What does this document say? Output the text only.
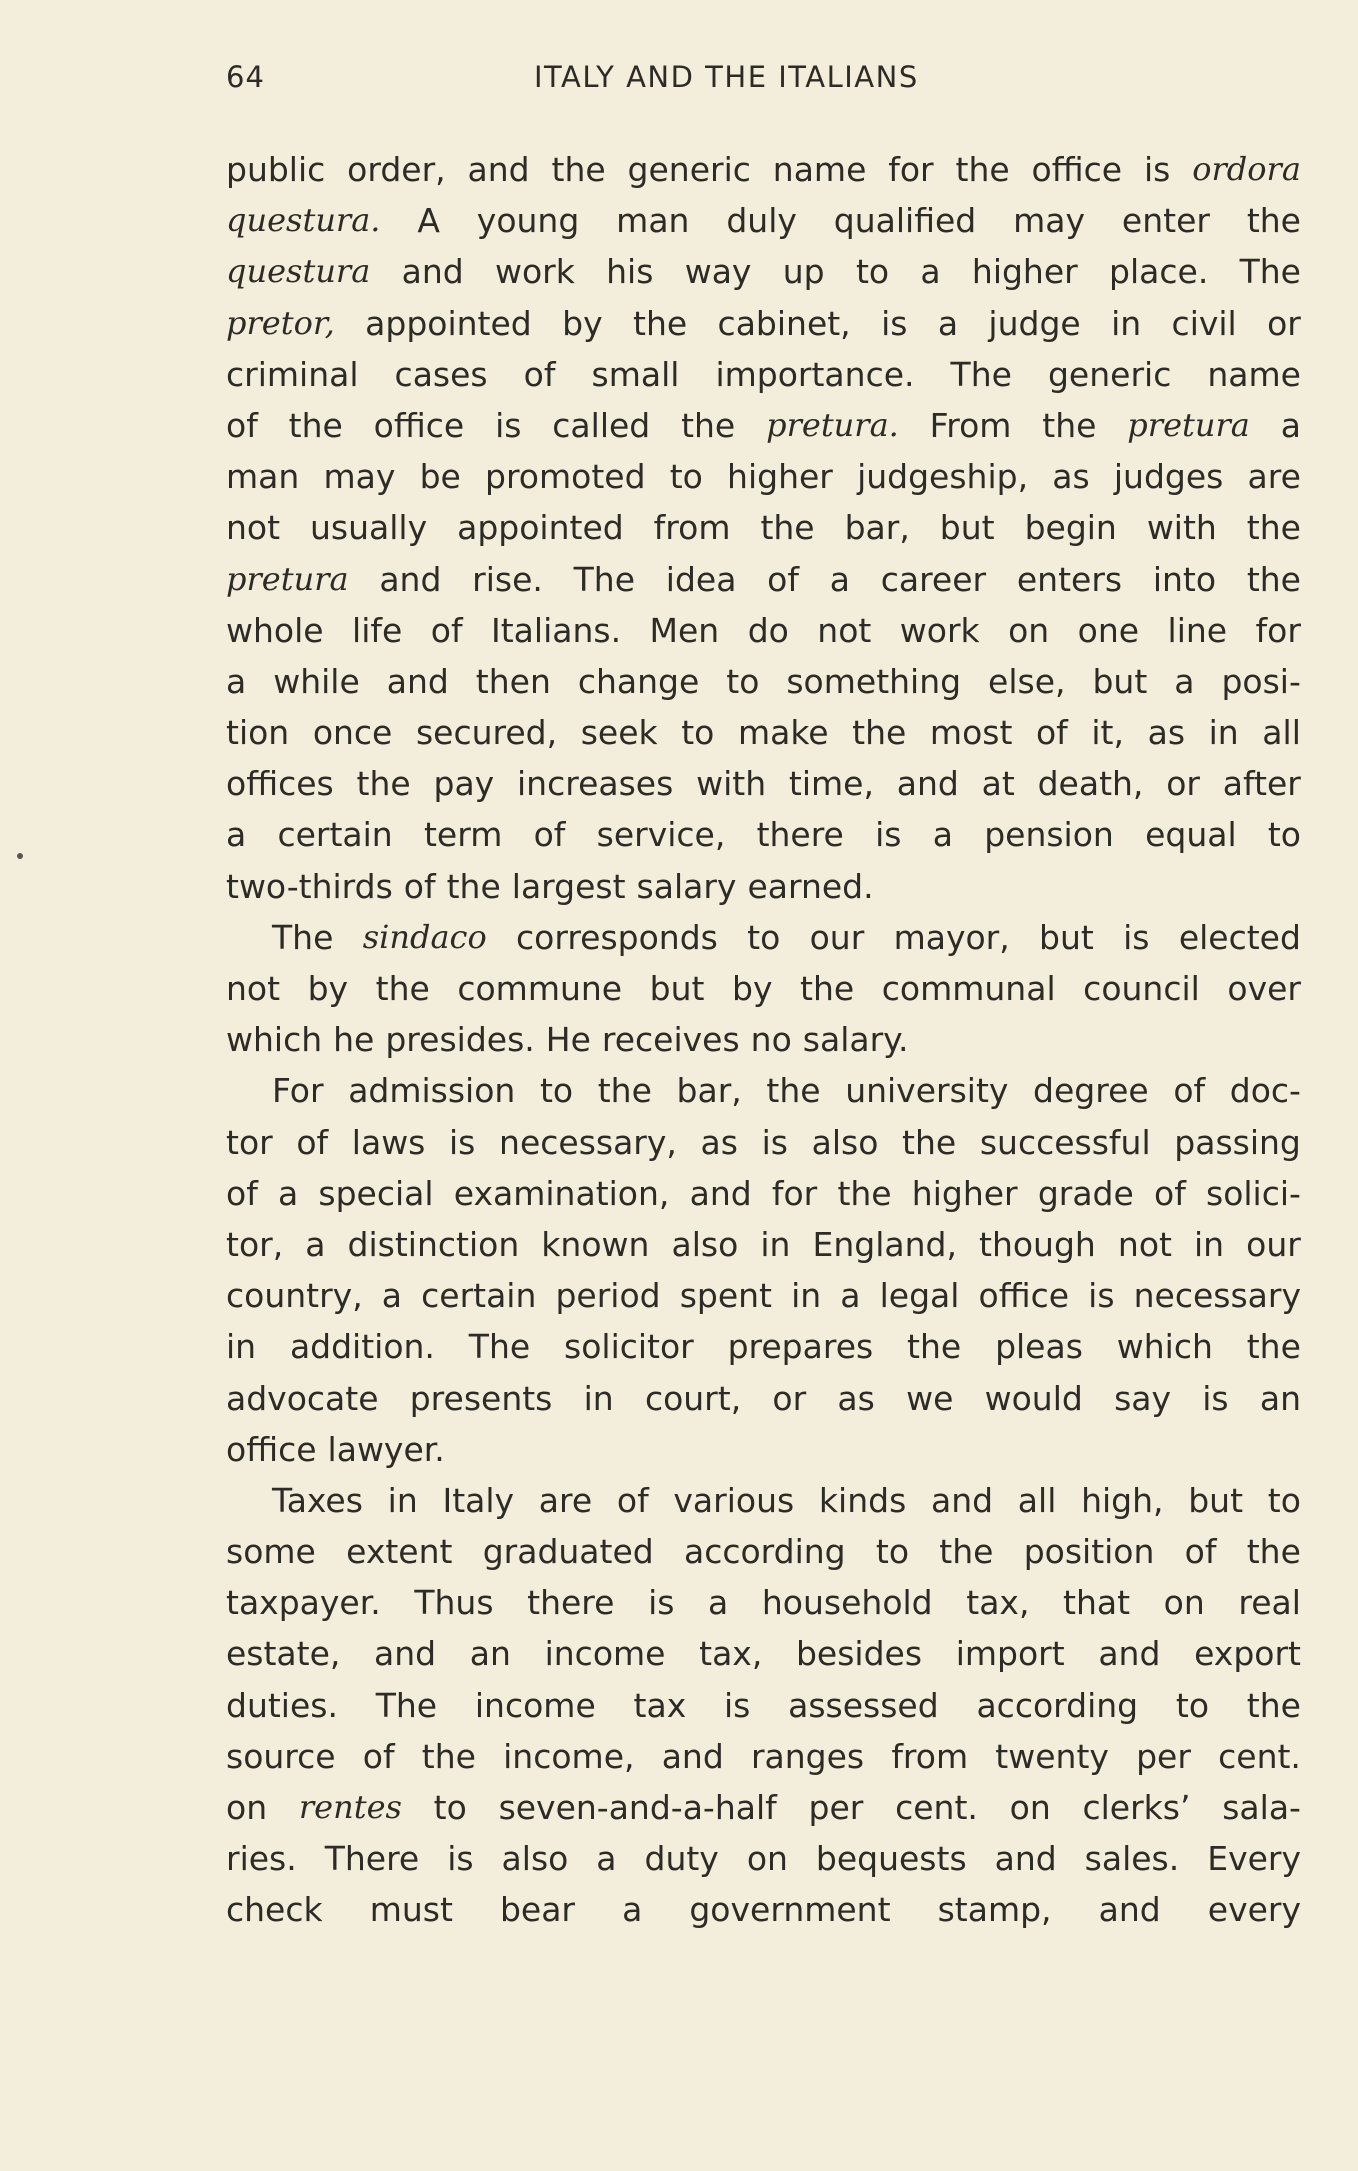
64	ITALY AND THE ITALIANS
public order, and the generic name for the office is ordora
questura. A young man duly qualified may enter the
questura and work his way up to a higher place. The
pretor, appointed by the cabinet, is a judge in civil or
criminal cases of small importance. The generic name
of the office is called the pretura. From the pretura a
man may be promoted to higher judgeship, as judges are
not usually appointed from the bar, but begin with the
pretura and rise. The idea of a career enters into the
whole life of Italians. Men do not work on one line for
a while and then change to something else, but a posi-
tion once secured, seek to make the most of it, as in all
offices the pay increases with time, and at death, or after
a certain term of service, there is a pension equal to
two-thirds of the largest salary earned.
The sindaco corresponds to our mayor, but is elected
not by the commune but by the communal council over
which he presides. He receives no salary.
For admission to the bar, the university degree of doc-
tor of laws is necessary, as is also the successful passing
of a special examination, and for the higher grade of solici-
tor, a distinction known also in England, though not in our
country, a certain period spent in a legal office is necessary
in addition. The solicitor prepares the pleas which the
advocate presents in court, or as we would say is an
office lawyer.
Taxes in Italy are of various kinds and all high, but to
some extent graduated according to the position of the
taxpayer. Thus there is a household tax, that on real
estate, and an income tax, besides import and export
duties. The income tax is assessed according to the
source of the income, and ranges from twenty per cent.
on rentes to seven-and-a-half per cent. on clerks’ sala-
ries. There is also a duty on bequests and sales. Every
check must bear a government stamp, and every
